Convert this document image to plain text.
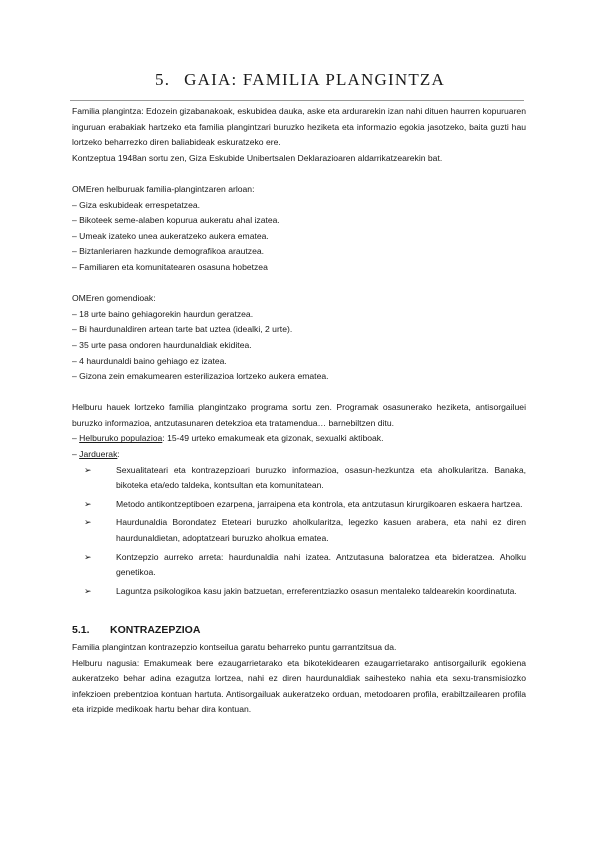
5. GAIA: FAMILIA PLANGINTZA

Familia plangintza: Edozein gizabanakoak, eskubidea dauka, aske eta ardurarekin izan nahi dituen haurren kopuruaren inguruan erabakiak hartzeko eta familia plangintzari buruzko heziketa eta informazio egokia jasotzeko, baita guzti hau lortzeko beharrezko diren baliabideak eskuratzeko ere.

Kontzeptua 1948an sortu zen, Giza Eskubide Unibertsalen Deklarazioaren aldarrikatzearekin bat.

OMEren helburuak familia-plangintzaren arloan:

– Giza eskubideak errespetatzea.
– Bikoteek seme-alaben kopurua aukeratu ahal izatea.
– Umeak izateko unea aukeratzeko aukera ematea.
– Biztanleriaren hazkunde demografikoa arautzea.
– Familiaren eta komunitatearen osasuna hobetzea

OMEren gomendioak:

– 18 urte baino gehiagorekin haurdun geratzea.
– Bi haurdunaldiren artean tarte bat uztea (idealki, 2 urte).
– 35 urte pasa ondoren haurdunaldiak ekiditea.
– 4 haurdunaldi baino gehiago ez izatea.
– Gizona zein emakumearen esterilizazioa lortzeko aukera ematea.

Helburu hauek lortzeko familia plangintzako programa sortu zen. Programak osasunerako heziketa, antisorgailuei buruzko informazioa, antzutasunaren detekzioa eta tratamendua… barnebiltzen ditu.

– Helburuko populazioa: 15-49 urteko emakumeak eta gizonak, sexualki aktiboak.

– Jarduerak:

➢	Sexualitateari eta kontrazepzioari buruzko informazioa, osasun-hezkuntza eta aholkularitza. Banaka, bikoteka eta/edo taldeka, kontsultan eta komunitatean.
➢	Metodo antikontzeptiboen ezarpena, jarraipena eta kontrola, eta antzutasun kirurgikoaren eskaera hartzea.
➢	Haurdunaldia Borondatez Eteteari buruzko aholkularitza, legezko kasuen arabera, eta nahi ez diren haurdunaldietan, adoptatzeari buruzko aholkua ematea.
➢	Kontzepzio aurreko arreta: haurdunaldia nahi izatea. Antzutasuna baloratzea eta bideratzea. Aholku genetikoa.
➢	Laguntza psikologikoa kasu jakin batzuetan, erreferentziazko osasun mentaleko taldearekin koordinatuta.
5.1. KONTRAZEPZIOA

Familia plangintzan kontrazepzio kontseilua garatu beharreko puntu garrantzitsua da.

Helburu nagusia: Emakumeak bere ezaugarrietarako eta bikotekidearen ezaugarrietarako antisorgailurik egokiena aukeratzeko behar adina ezagutza lortzea, nahi ez diren haurdunaldiak saihesteko nahia eta sexu-transmisiozko infekzioen prebentzioa kontuan hartuta. Antisorgailuak aukeratzeko orduan, metodoaren profila, erabiltzailearen profila eta irizpide medikoak hartu behar dira kontuan.
